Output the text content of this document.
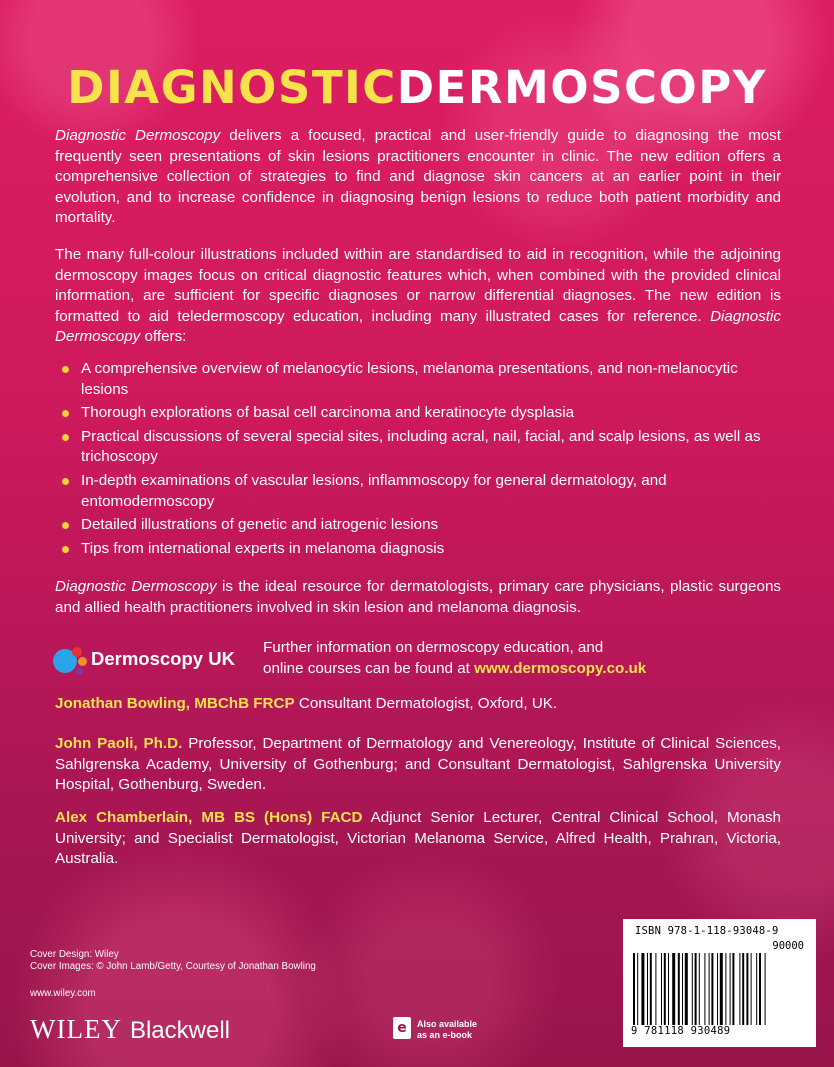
DIAGNOSTICDERMOSCOPY

Diagnostic Dermoscopy delivers a focused, practical and user-friendly guide to diagnosing the most frequently seen presentations of skin lesions practitioners encounter in clinic. The new edition offers a comprehensive collection of strategies to find and diagnose skin cancers at an earlier point in their evolution, and to increase confidence in diagnosing benign lesions to reduce both patient morbidity and mortality.

The many full-colour illustrations included within are standardised to aid in recognition, while the adjoining dermoscopy images focus on critical diagnostic features which, when combined with the provided clinical information, are sufficient for specific diagnoses or narrow differential diagnoses. The new edition is formatted to aid teledermoscopy education, including many illustrated cases for reference. Diagnostic Dermoscopy offers:

A comprehensive overview of melanocytic lesions, melanoma presentations, and non-melanocytic lesions
Thorough explorations of basal cell carcinoma and keratinocyte dysplasia
Practical discussions of several special sites, including acral, nail, facial, and scalp lesions, as well as trichoscopy
In-depth examinations of vascular lesions, inflammoscopy for general dermatology, and entomodermoscopy
Detailed illustrations of genetic and iatrogenic lesions
Tips from international experts in melanoma diagnosis

Diagnostic Dermoscopy is the ideal resource for dermatologists, primary care physicians, plastic surgeons and allied health practitioners involved in skin lesion and melanoma diagnosis.

Dermoscopy UK
Further information on dermoscopy education, and
online courses can be found at www.dermoscopy.co.uk
Jonathan Bowling, MBChB FRCP Consultant Dermatologist, Oxford, UK.
John Paoli, Ph.D. Professor, Department of Dermatology and Venereology, Institute of Clinical Sciences, Sahlgrenska Academy, University of Gothenburg; and Consultant Dermatologist, Sahlgrenska University Hospital, Gothenburg, Sweden.
Alex Chamberlain, MB BS (Hons) FACD Adjunct Senior Lecturer, Central Clinical School, Monash University; and Specialist Dermatologist, Victorian Melanoma Service, Alfred Health, Prahran, Victoria, Australia.
Cover Design: Wiley
Cover Images: © John Lamb/Getty, Courtesy of Jonathan Bowling
www.wiley.com
WILEY Blackwell	e	Also available
as an e-book
ISBN 978-1-118-93048-9
90000
9 781118 930489
